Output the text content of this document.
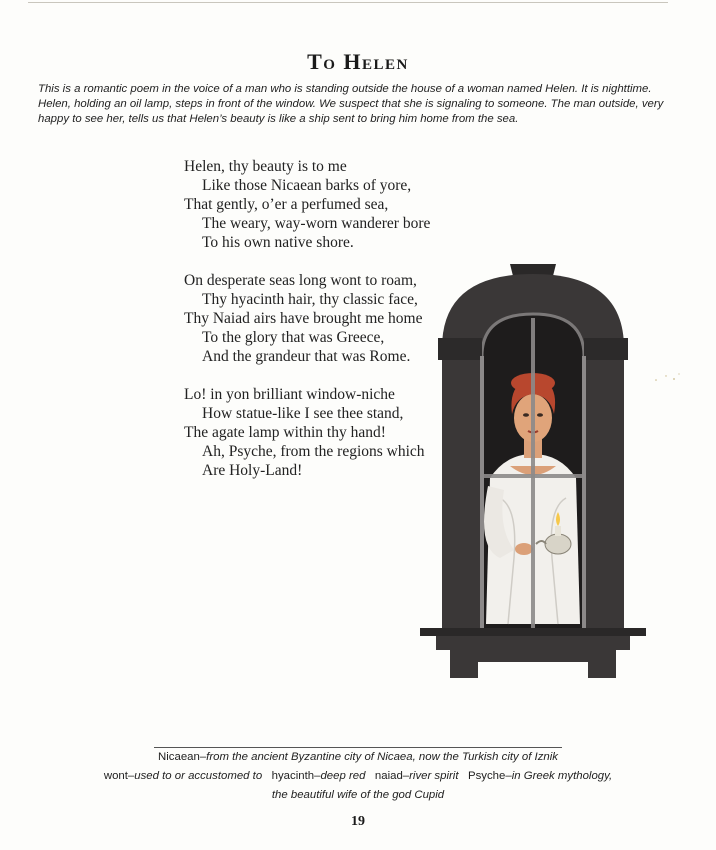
To Helen

This is a romantic poem in the voice of a man who is standing outside the house of a woman named Helen. It is nighttime. Helen, holding an oil lamp, steps in front of the window. We suspect that she is signaling to someone. The man outside, very happy to see her, tells us that Helen’s beauty is like a ship sent to bring him home from the sea.

Helen, thy beauty is to me
Like those Nicaean barks of yore,
That gently, o’er a perfumed sea,
The weary, way-worn wanderer bore
To his own native shore.
On desperate seas long wont to roam,
Thy hyacinth hair, thy classic face,
Thy Naiad airs have brought me home
To the glory that was Greece,
And the grandeur that was Rome.
Lo! in yon brilliant window-niche
How statue-like I see thee stand,
The agate lamp within thy hand!
Ah, Psyche, from the regions which
Are Holy-Land!
Nicaean–from the ancient Byzantine city of Nicaea, now the Turkish city of Iznik
wont–used to or accustomed to hyacinth–deep red naiad–river spirit Psyche–in Greek mythology,
the beautiful wife of the god Cupid
19
